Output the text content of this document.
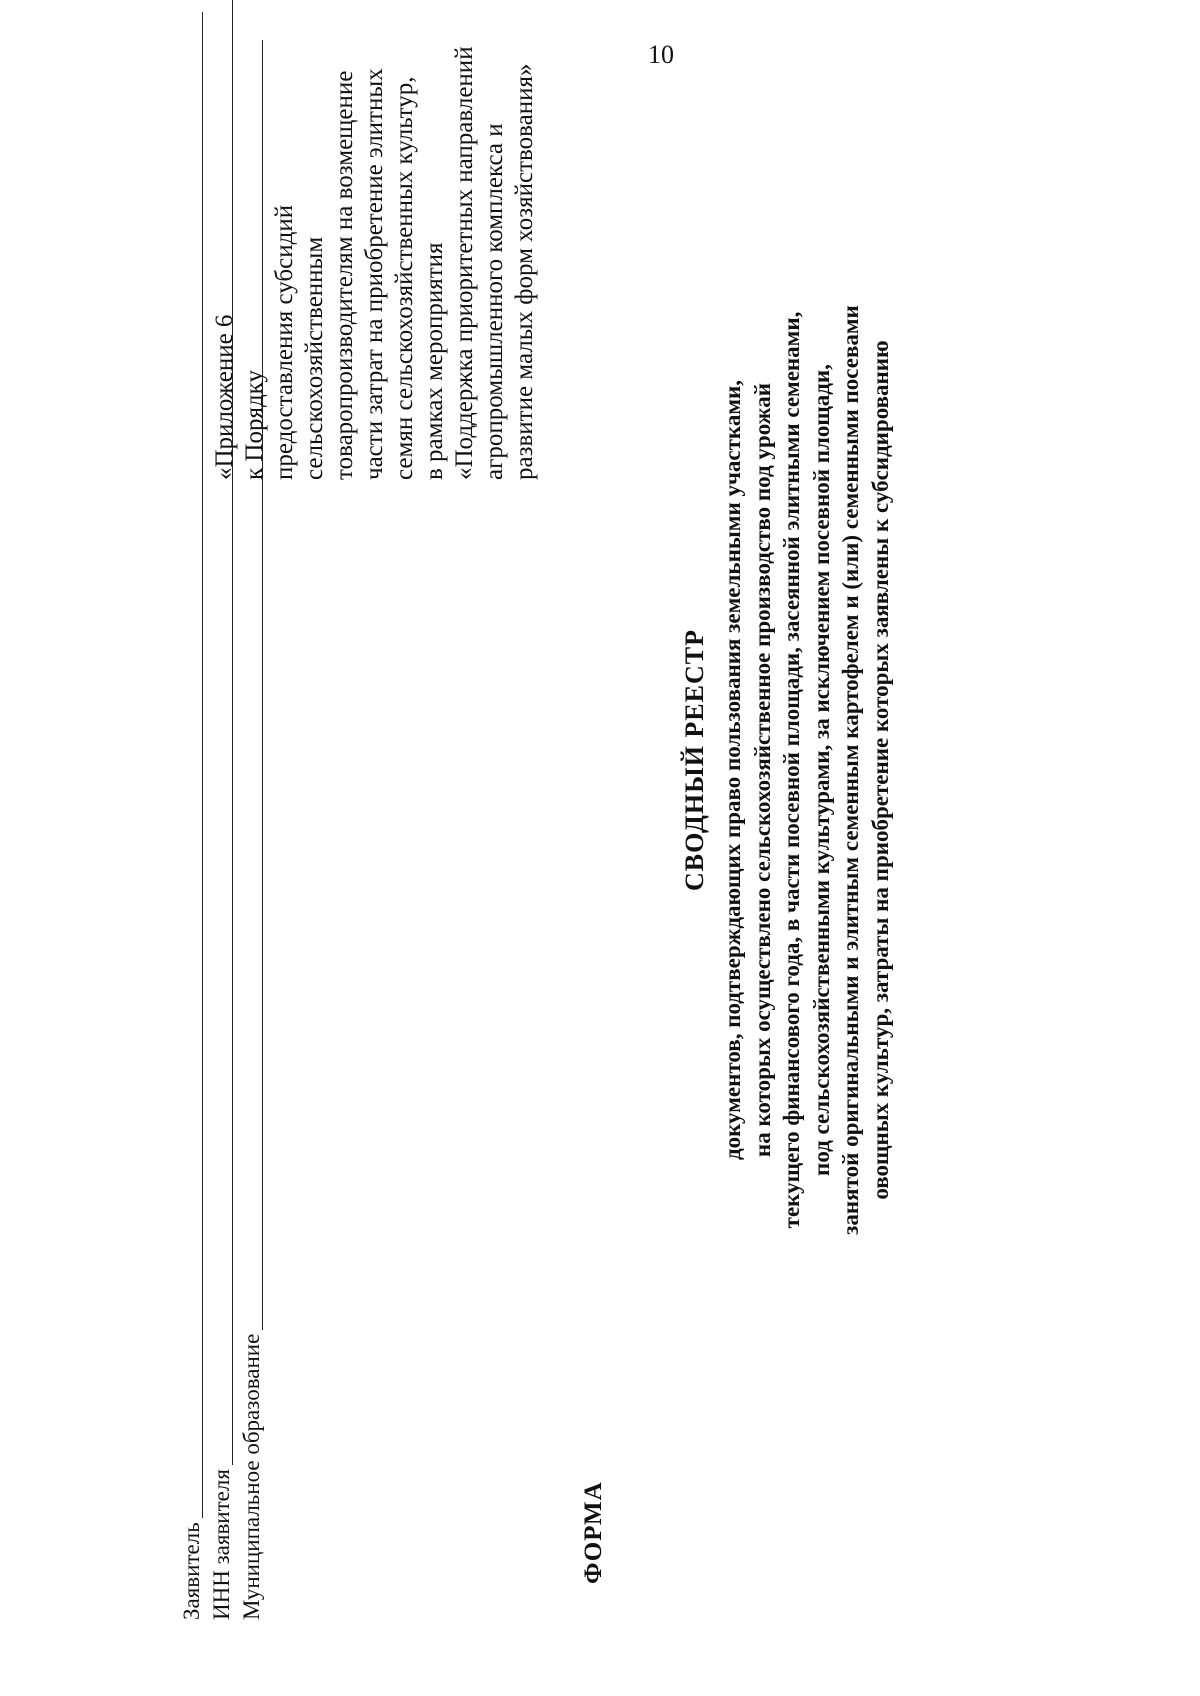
10
«Приложение 6 к Порядку предоставления субсидий сельскохозяйственным товаропроизводителям на возмещение части затрат на приобретение элитных семян сельскохозяйственных культур, в рамках мероприятия «Поддержка приоритетных направлений агропромышленного комплекса и развитие малых форм хозяйствования»
ФОРМА
СВОДНЫЙ РЕЕСТР документов, подтверждающих право пользования земельными участками, на которых осуществлено сельскохозяйственное производство под урожай текущего финансового года, в части посевной площади, засеянной элитными семенами, под сельскохозяйственными культурами, за исключением посевной площади, занятой оригинальными и элитным семенным картофелем и (или) семенными посевами овощных культур, затраты на приобретение которых заявлены к субсидированию
Заявитель ИНН заявителя Муниципальное образование
